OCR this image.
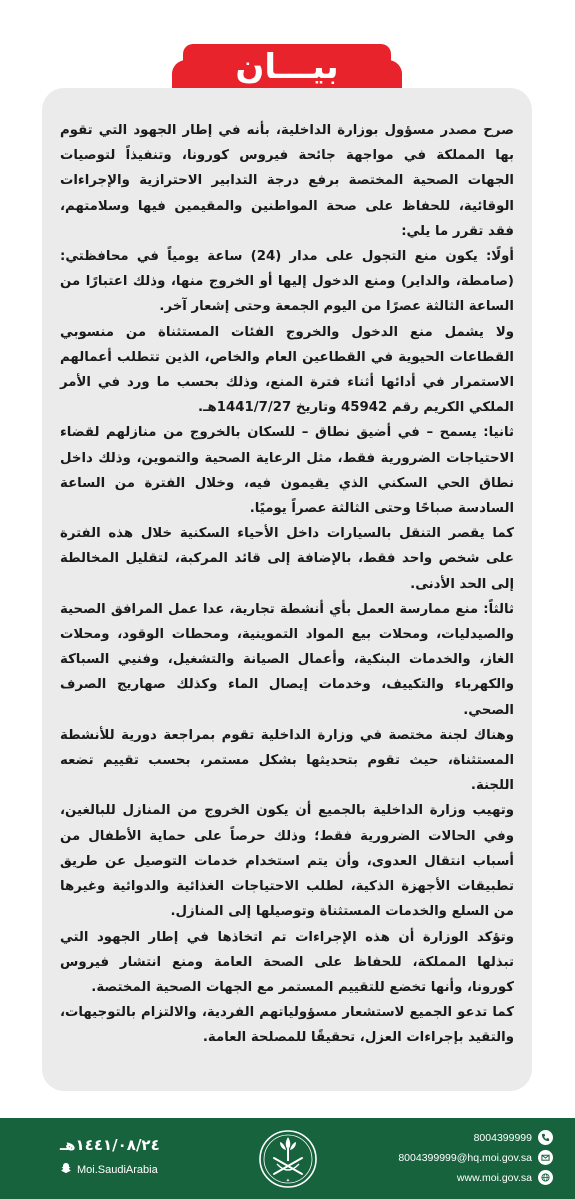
بيـــان

صرح مصدر مسؤول بوزارة الداخلية، بأنه في إطار الجهود التي تقوم بها المملكة في مواجهة جائحة فيروس كورونا، وتنفيذاً لتوصيات الجهات الصحية المختصة برفع درجة التدابير الاحترازية والإجراءات الوقائية، للحفاظ على صحة المواطنين والمقيمين فيها وسلامتهم، فقد تقرر ما يلي:

أولًا: يكون منع التجول على مدار (24) ساعة يومياً في محافظتي: (صامطة، والداير) ومنع الدخول إليها أو الخروج منها، وذلك اعتبارًا من الساعة الثالثة عصرًا من اليوم الجمعة وحتى إشعار آخر.

ولا يشمل منع الدخول والخروج الفئات المستثناة من منسوبي القطاعات الحيوية في القطاعين العام والخاص، الذين تتطلب أعمالهم الاستمرار في أدائها أثناء فترة المنع، وذلك بحسب ما ورد في الأمر الملكي الكريم رقم 45942 وتاريخ 1441/7/27هـ.

ثانيا: يسمح – في أضيق نطاق – للسكان بالخروج من منازلهم لقضاء الاحتياجات الضرورية فقط، مثل الرعاية الصحية والتموين، وذلك داخل نطاق الحي السكني الذي يقيمون فيه، وخلال الفترة من الساعة السادسة صباحًا وحتى الثالثة عصراً يوميًا.

كما يقصر التنقل بالسيارات داخل الأحياء السكنية خلال هذه الفترة على شخص واحد فقط، بالإضافة إلى قائد المركبة، لتقليل المخالطة إلى الحد الأدنى.

ثالثاً: منع ممارسة العمل بأي أنشطة تجارية، عدا عمل المرافق الصحية والصيدليات، ومحلات بيع المواد التموينية، ومحطات الوقود، ومحلات الغاز، والخدمات البنكية، وأعمال الصيانة والتشغيل، وفنيي السباكة والكهرباء والتكييف، وخدمات إيصال الماء وكذلك صهاريج الصرف الصحي.

وهناك لجنة مختصة في وزارة الداخلية تقوم بمراجعة دورية للأنشطة المستثناة، حيث تقوم بتحديثها بشكل مستمر، بحسب تقييم تضعه اللجنة.

وتهيب وزارة الداخلية بالجميع أن يكون الخروج من المنازل للبالغين، وفي الحالات الضرورية فقط؛ وذلك حرصاً على حماية الأطفال من أسباب انتقال العدوى، وأن يتم استخدام خدمات التوصيل عن طريق تطبيقات الأجهزة الذكية، لطلب الاحتياجات الغذائية والدوائية وغيرها من السلع والخدمات المستثناة وتوصيلها إلى المنازل.

وتؤكد الوزارة أن هذه الإجراءات تم اتخاذها في إطار الجهود التي تبذلها المملكة، للحفاظ على الصحة العامة ومنع انتشار فيروس كورونا، وأنها تخضع للتقييم المستمر مع الجهات الصحية المختصة.

كما تدعو الجميع لاستشعار مسؤولياتهم الفردية، والالتزام بالتوجيهات، والتقيد بإجراءات العزل، تحقيقًا للمصلحة العامة.

١٤٤١/٠٨/٢٤هـ
Moi.SaudiArabia
✦
8004399999
8004399999@hq.moi.gov.sa
www.moi.gov.sa
